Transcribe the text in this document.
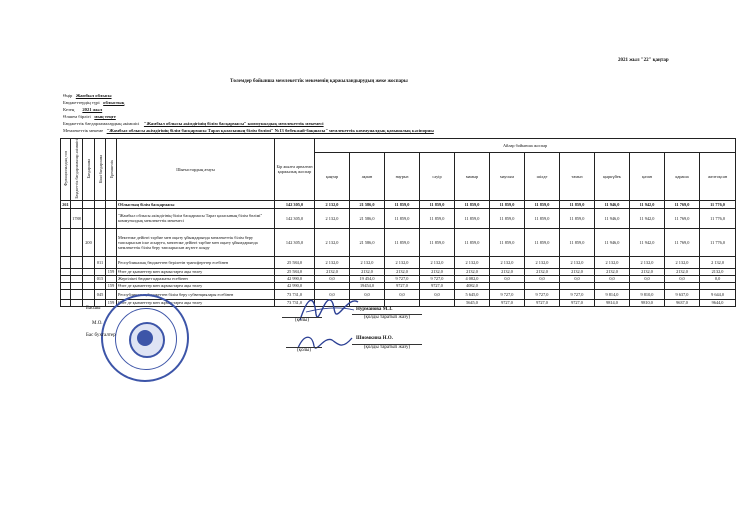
2021 жыл "22" қаңтар
Төлемдер бойынша мемлекеттік мекеменің қаржыландырудың жеке жоспары
Өңір Жамбыл облысы
Бюджеттердің түрі облыстық
Кезең 2021 жыл
Өлшем бірлігі мың теңге
Бюджеттік бағдарламалардың әкімшісі "Жамбыл облысы әкімдігінің білім басқармасы" коммуналдық мемлекеттік мекемесі
Мемлекеттік мекеме "Жамбыл облысы әкімдігінің білім басқармасы Тараз қаласының білім бөлімі" №13 бөбекжай-бақшасы" мемлекеттік коммуналдық қазыналық кәсіпорны
Функционалдық топ	Бюджеттік бағдарламалар әкімшісі	Бағдарлама	Кіші бағдарлама	Ерекшелік	Шығыстардың атауы	Бір жылға арналған қаржылық жоспар	Айлар бойынша жоспар											
							қаңтар	ақпан	наурыз	сәуір	мамыр	маусым	шілде	тамыз	қыркүйек	қазан	қараша	желтоқсан
261					Облыстың білім басқармасы	142 305,0	2 132,0	21 586,0	11 859,0	11 859,0	11 859,0	11 859,0	11 859,0	11 859,0	11 946,0	11 942,0	11 769,0	11 776,0
	1788				"Жамбыл облысы әкімдігінің білім басқармасы Тараз қаласының білім бөлімі" коммуналдық мемлекеттік мекемесі	142 305,0	2 132,0	21 586,0	11 859,0	11 859,0	11 859,0	11 859,0	11 859,0	11 859,0	11 946,0	11 942,0	11 769,0	11 776,0
		200			Мектепке дейінгі тәрбие мен оқыту ұйымдарында мемлекеттік білім беру тапсырысын іске асыруға, мектепке дейінгі тәрбие мен оқыту ұйымдарында мемлекеттік білім беру тапсырысын жүзеге асыру	142 305,0	2 132,0	21 586,0	11 859,0	11 859,0	11 859,0	11 859,0	11 859,0	11 859,0	11 946,0	11 942,0	11 769,0	11 776,0
			011		Республикалық бюджеттен берілетін трансферттер есебінен	25 584,0	2 132,0	2 132,0	2 132,0	2 132,0	2 132,0	2 132,0	2 132,0	2 132,0	2 132,0	2 132,0	2 132,0	2 132,0
				159	Өзге де қызметтер мен жұмыстарға ақы төлеу	25 584,0	2132,0	2132,0	2132,0	2132,0	2132,0	2132,0	2132,0	2132,0	2132,0	2132,0	2132,0	2132,0
			015		Жергілікті бюджет қаражаты есебінен	42 990,0	0,0	19 454,0	9 727,0	9 727,0	4 082,0	0,0	0,0	0,0	0,0	0,0	0,0	0,0
				159	Өзге де қызметтер мен жұмыстарға ақы төлеу	42 990,0		19454,0	9727,0	9727,0	4082,0							
			045		Республикалық бюджеттен білім беру субвенциялары есебінен	73 731,0	0,0	0,0	0,0	0,0	5 645,0	9 727,0	9 727,0	9 727,0	9 814,0	9 810,0	9 637,0	9 644,0
				159	Өзге де қызметтер мен жұмыстарға ақы төлеу	73 731,0					5645,0	9727,0	9727,0	9727,0	9814,0	9810,0	9637,0	9644,0
Басшы
М.О.
Бас бухгалтер
(қолы)
Нурманова М.З.
(қолды таратып жазу)
(қолы)
Шномкина Н.О.
(қолды таратып жазу)
